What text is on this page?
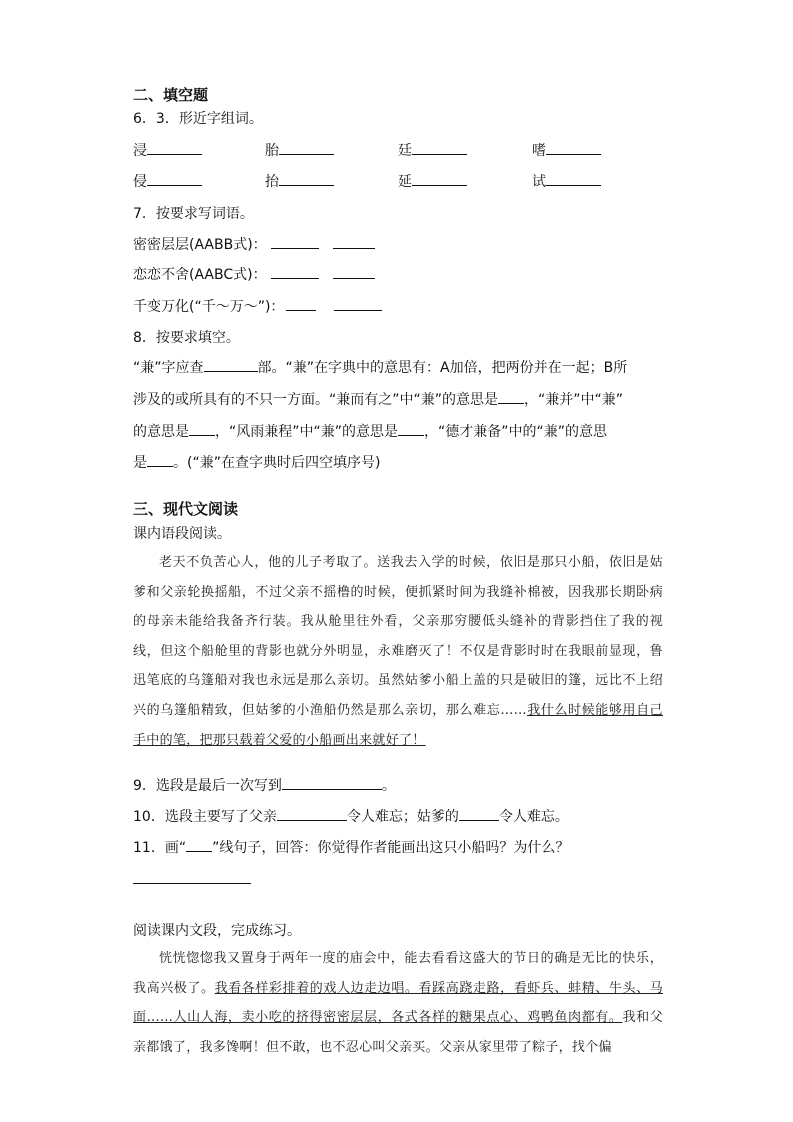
二、填空题
6．3．形近字组词。
浸	胎	廷	嗜
侵	抬	延	试
7．按要求写词语。
密密层层(AABB式)：
恋恋不舍(AABC式)：
千变万化(“千～万～”)：
8．按要求填空。
“兼”字应查	部。“兼”在字典中的意思有：A加倍，把两份并在一起；B所
涉及的或所具有的不只一方面。“兼而有之”中“兼”的意思是 ，“兼并”中“兼”
的意思是 ，“风雨兼程”中“兼”的意思是 ，“德才兼备”中的“兼”的意思
是 。(“兼”在查字典时后四空填序号)
三、现代文阅读
课内语段阅读。

老天不负苦心人，他的儿子考取了。送我去入学的时候，依旧是那只小船，依旧是姑爹和父亲轮换摇船，不过父亲不摇橹的时候，便抓紧时间为我缝补棉被，因我那长期卧病的母亲未能给我备齐行装。我从舱里往外看，父亲那穷腰低头缝补的背影挡住了我的视线，但这个船舱里的背影也就分外明显，永难磨灭了！不仅是背影时时在我眼前显现，鲁迅笔底的乌篷船对我也永远是那么亲切。虽然姑爹小船上盖的只是破旧的篷，远比不上绍兴的乌篷船精致，但姑爹的小渔船仍然是那么亲切，那么难忘……我什么时候能够用自己手中的笔，把那只载着父爱的小船画出来就好了！

9．选段是最后一次写到	。
10．选段主要写了父亲	令人难忘；姑爹的	令人难忘。
11．画“ ”线句子，回答：你觉得作者能画出这只小船吗？为什么？
阅读课内文段，完成练习。

恍恍惚惚我又置身于两年一度的庙会中，能去看看这盛大的节日的确是无比的快乐，我高兴极了。我看各样彩排着的戏人边走边唱。看踩高跷走路，看虾兵、蚌精、牛头、马面……人山人海，卖小吃的挤得密密层层，各式各样的糖果点心、鸡鸭鱼肉都有。我和父亲都饿了，我多馋啊！但不敢，也不忍心叫父亲买。父亲从家里带了粽子，找个偏
